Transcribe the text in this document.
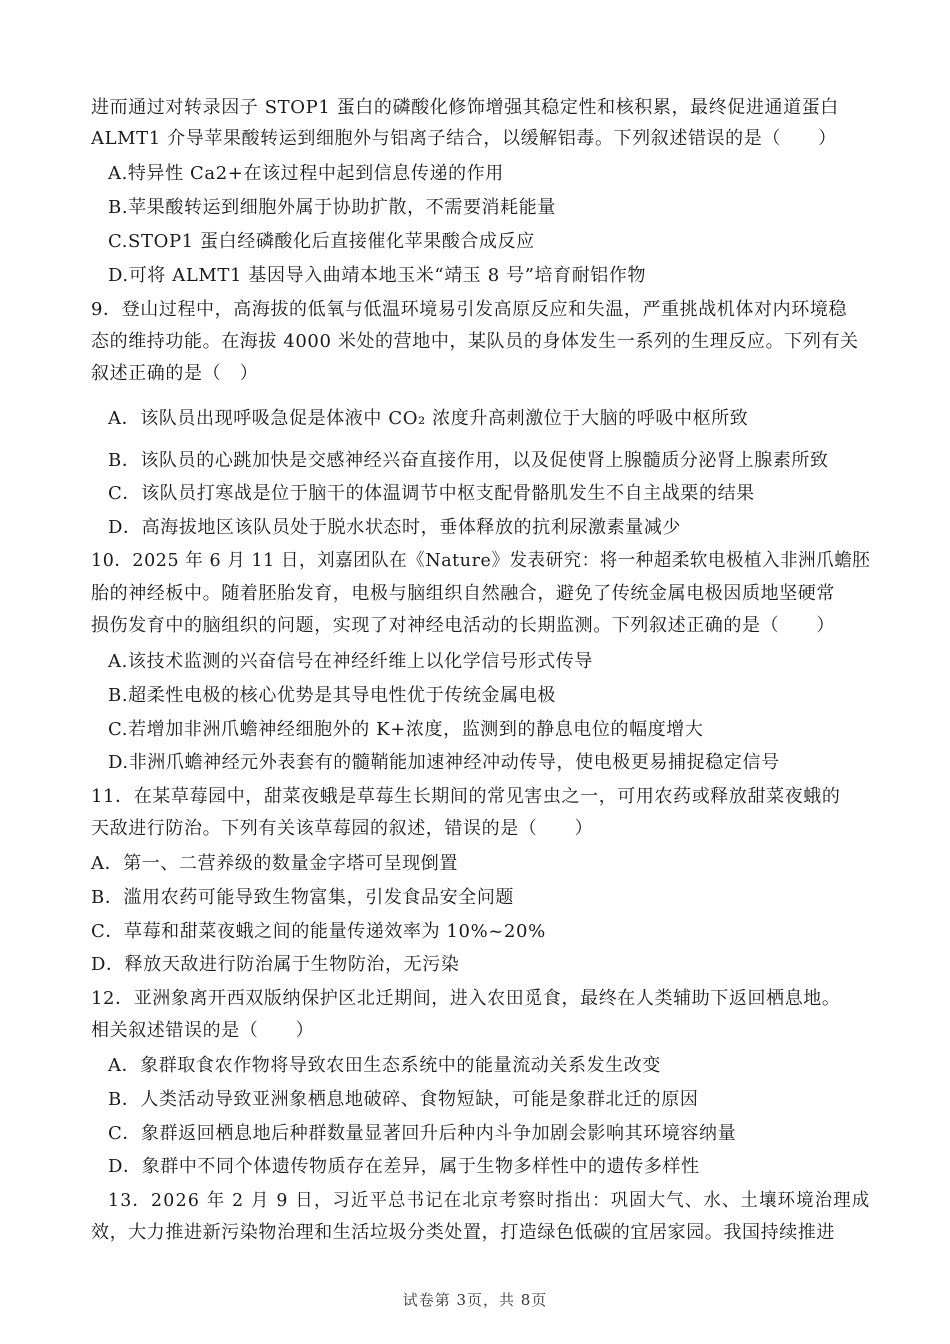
进而通过对转录因子 STOP1 蛋白的磷酸化修饰增强其稳定性和核积累，最终促进通道蛋白
ALMT1 介导苹果酸转运到细胞外与铝离子结合，以缓解铝毒。下列叙述错误的是（　　）
A.特异性 Ca2+在该过程中起到信息传递的作用
B.苹果酸转运到细胞外属于协助扩散，不需要消耗能量
C.STOP1 蛋白经磷酸化后直接催化苹果酸合成反应
D.可将 ALMT1 基因导入曲靖本地玉米“靖玉 8 号”培育耐铝作物
9．登山过程中，高海拔的低氧与低温环境易引发高原反应和失温，严重挑战机体对内环境稳
态的维持功能。在海拔 4000 米处的营地中，某队员的身体发生一系列的生理反应。下列有关
叙述正确的是（　）
A．该队员出现呼吸急促是体液中 CO₂ 浓度升高刺激位于大脑的呼吸中枢所致
B．该队员的心跳加快是交感神经兴奋直接作用，以及促使肾上腺髓质分泌肾上腺素所致
C．该队员打寒战是位于脑干的体温调节中枢支配骨骼肌发生不自主战栗的结果
D．高海拔地区该队员处于脱水状态时，垂体释放的抗利尿激素量减少
10．2025 年 6 月 11 日，刘嘉团队在《Nature》发表研究：将一种超柔软电极植入非洲爪蟾胚
胎的神经板中。随着胚胎发育，电极与脑组织自然融合，避免了传统金属电极因质地坚硬常
损伤发育中的脑组织的问题，实现了对神经电活动的长期监测。下列叙述正确的是（　　）
A.该技术监测的兴奋信号在神经纤维上以化学信号形式传导
B.超柔性电极的核心优势是其导电性优于传统金属电极
C.若增加非洲爪蟾神经细胞外的 K+浓度，监测到的静息电位的幅度增大
D.非洲爪蟾神经元外表套有的髓鞘能加速神经冲动传导，使电极更易捕捉稳定信号
11．在某草莓园中，甜菜夜蛾是草莓生长期间的常见害虫之一，可用农药或释放甜菜夜蛾的
天敌进行防治。下列有关该草莓园的叙述，错误的是（　　）
A．第一、二营养级的数量金字塔可呈现倒置
B．滥用农药可能导致生物富集，引发食品安全问题
C．草莓和甜菜夜蛾之间的能量传递效率为 10%~20%
D．释放天敌进行防治属于生物防治，无污染
12．亚洲象离开西双版纳保护区北迁期间，进入农田觅食，最终在人类辅助下返回栖息地。
相关叙述错误的是（　　）
A．象群取食农作物将导致农田生态系统中的能量流动关系发生改变
B．人类活动导致亚洲象栖息地破碎、食物短缺，可能是象群北迁的原因
C．象群返回栖息地后种群数量显著回升后种内斗争加剧会影响其环境容纳量
D．象群中不同个体遗传物质存在差异，属于生物多样性中的遗传多样性
13．2026 年 2 月 9 日，习近平总书记在北京考察时指出：巩固大气、水、土壤环境治理成
效，大力推进新污染物治理和生活垃圾分类处置，打造绿色低碳的宜居家园。我国持续推进
试卷第 3页，共 8页
